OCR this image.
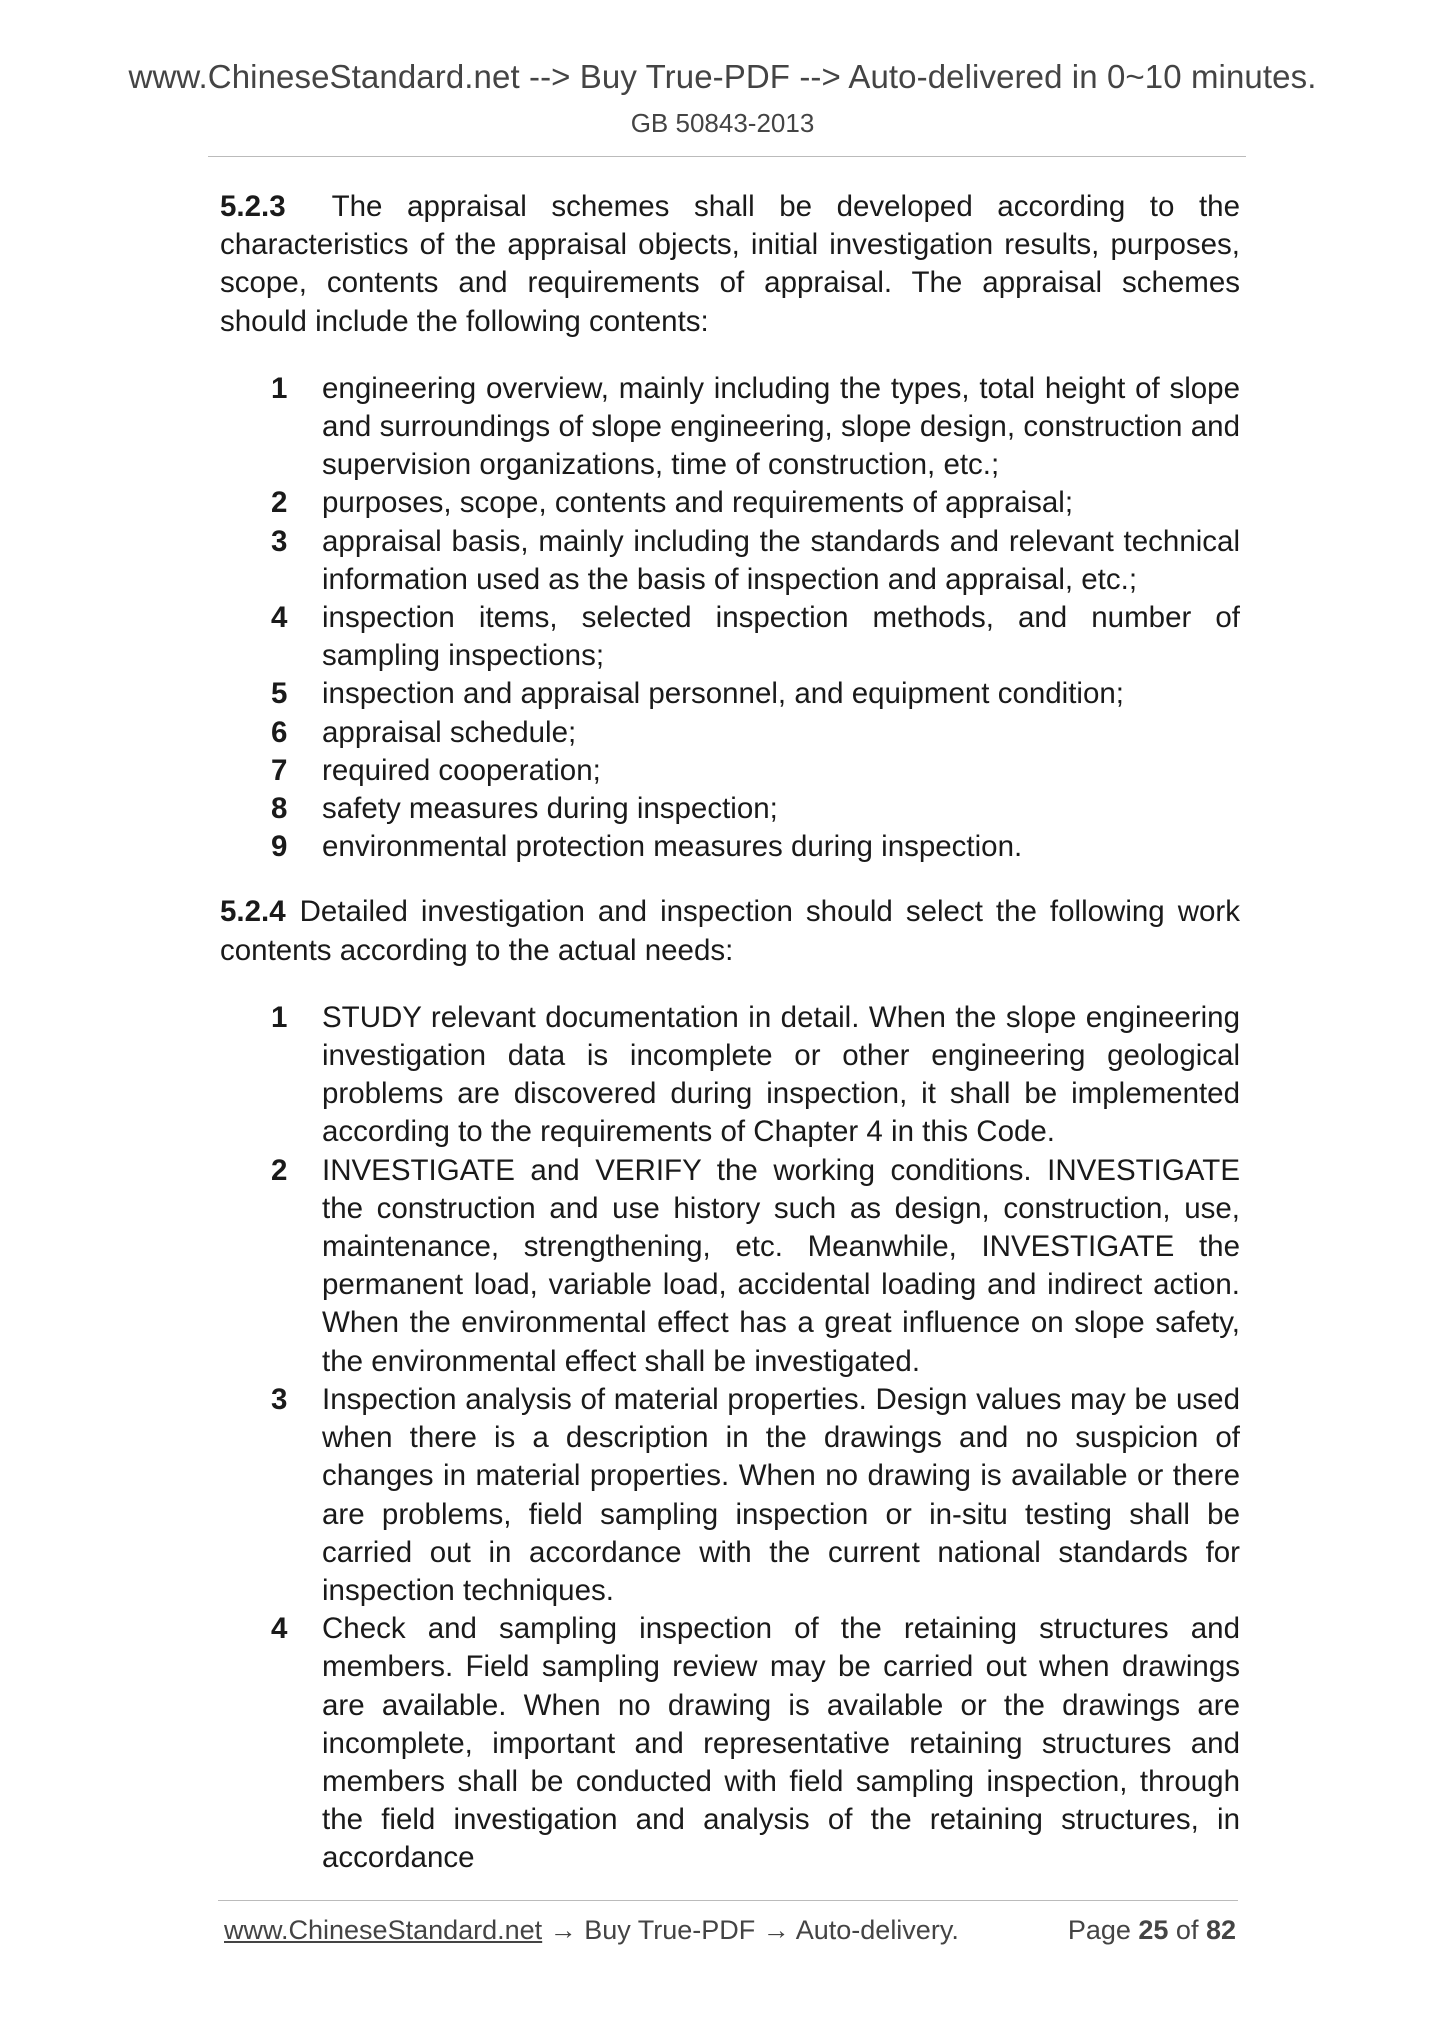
www.ChineseStandard.net --> Buy True-PDF --> Auto-delivered in 0~10 minutes.
GB 50843-2013

5.2.3 The appraisal schemes shall be developed according to the characteristics of the appraisal objects, initial investigation results, purposes, scope, contents and requirements of appraisal. The appraisal schemes should include the following contents:

1 engineering overview, mainly including the types, total height of slope and surroundings of slope engineering, slope design, construction and supervision organizations, time of construction, etc.;
2 purposes, scope, contents and requirements of appraisal;
3 appraisal basis, mainly including the standards and relevant technical information used as the basis of inspection and appraisal, etc.;
4 inspection items, selected inspection methods, and number of sampling inspections;
5 inspection and appraisal personnel, and equipment condition;
6 appraisal schedule;
7 required cooperation;
8 safety measures during inspection;
9 environmental protection measures during inspection.

5.2.4 Detailed investigation and inspection should select the following work contents according to the actual needs:

1 STUDY relevant documentation in detail. When the slope engineering investigation data is incomplete or other engineering geological problems are discovered during inspection, it shall be implemented according to the requirements of Chapter 4 in this Code.
2 INVESTIGATE and VERIFY the working conditions. INVESTIGATE the construction and use history such as design, construction, use, maintenance, strengthening, etc. Meanwhile, INVESTIGATE the permanent load, variable load, accidental loading and indirect action. When the environmental effect has a great influence on slope safety, the environmental effect shall be investigated.
3 Inspection analysis of material properties. Design values may be used when there is a description in the drawings and no suspicion of changes in material properties. When no drawing is available or there are problems, field sampling inspection or in-situ testing shall be carried out in accordance with the current national standards for inspection techniques.
4 Check and sampling inspection of the retaining structures and members. Field sampling review may be carried out when drawings are available. When no drawing is available or the drawings are incomplete, important and representative retaining structures and members shall be conducted with field sampling inspection, through the field investigation and analysis of the retaining structures, in accordance
www.ChineseStandard.net → Buy True-PDF → Auto-delivery.	Page 25 of 82
